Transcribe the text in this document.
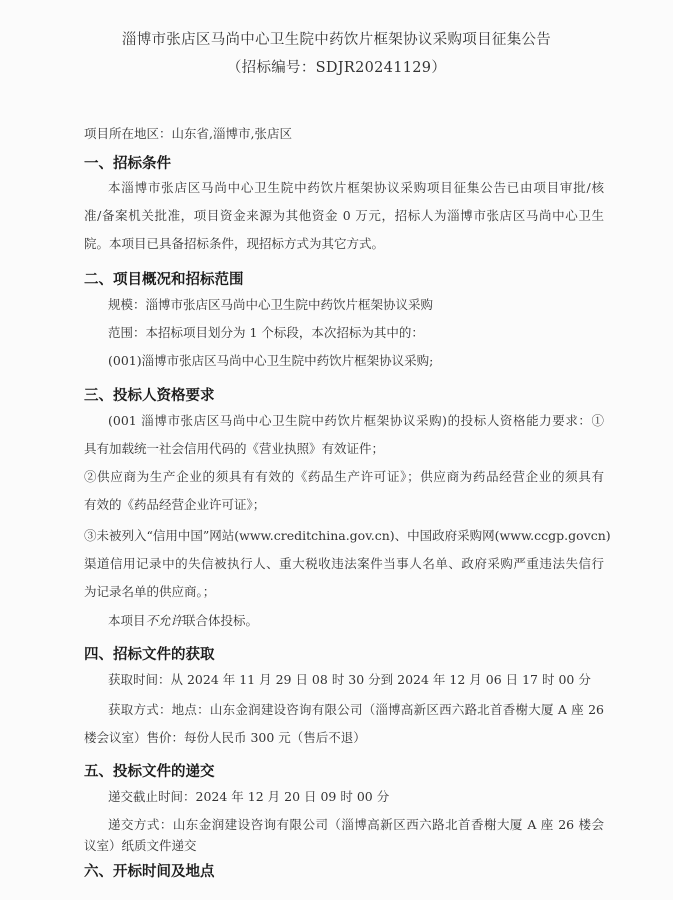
淄博市张店区马尚中心卫生院中药饮片框架协议采购项目征集公告
（招标编号：SDJR20241129）
项目所在地区：山东省,淄博市,张店区
一、招标条件
本淄博市张店区马尚中心卫生院中药饮片框架协议采购项目征集公告已由项目审批/核
准/备案机关批准，项目资金来源为其他资金 0 万元，招标人为淄博市张店区马尚中心卫生
院。本项目已具备招标条件，现招标方式为其它方式。
二、项目概况和招标范围
规模：淄博市张店区马尚中心卫生院中药饮片框架协议采购
范围：本招标项目划分为 1 个标段，本次招标为其中的：
(001)淄博市张店区马尚中心卫生院中药饮片框架协议采购;
三、投标人资格要求
(001 淄博市张店区马尚中心卫生院中药饮片框架协议采购)的投标人资格能力要求：①
具有加载统一社会信用代码的《营业执照》有效证件；
②供应商为生产企业的须具有有效的《药品生产许可证》；供应商为药品经营企业的须具有
有效的《药品经营企业许可证》；
③未被列入“信用中国”网站(www.creditchina.gov.cn)、中国政府采购网(www.ccgp.govcn)
渠道信用记录中的失信被执行人、重大税收违法案件当事人名单、政府采购严重违法失信行
为记录名单的供应商。；
本项目不允许联合体投标。
四、招标文件的获取
获取时间：从 2024 年 11 月 29 日 08 时 30 分到 2024 年 12 月 06 日 17 时 00 分
获取方式：地点：山东金润建设咨询有限公司（淄博高新区西六路北首香榭大厦 A 座 26
楼会议室）售价：每份人民币 300 元（售后不退）
五、投标文件的递交
递交截止时间：2024 年 12 月 20 日 09 时 00 分
递交方式：山东金润建设咨询有限公司（淄博高新区西六路北首香榭大厦 A 座 26 楼会
议室）纸质文件递交
六、开标时间及地点
